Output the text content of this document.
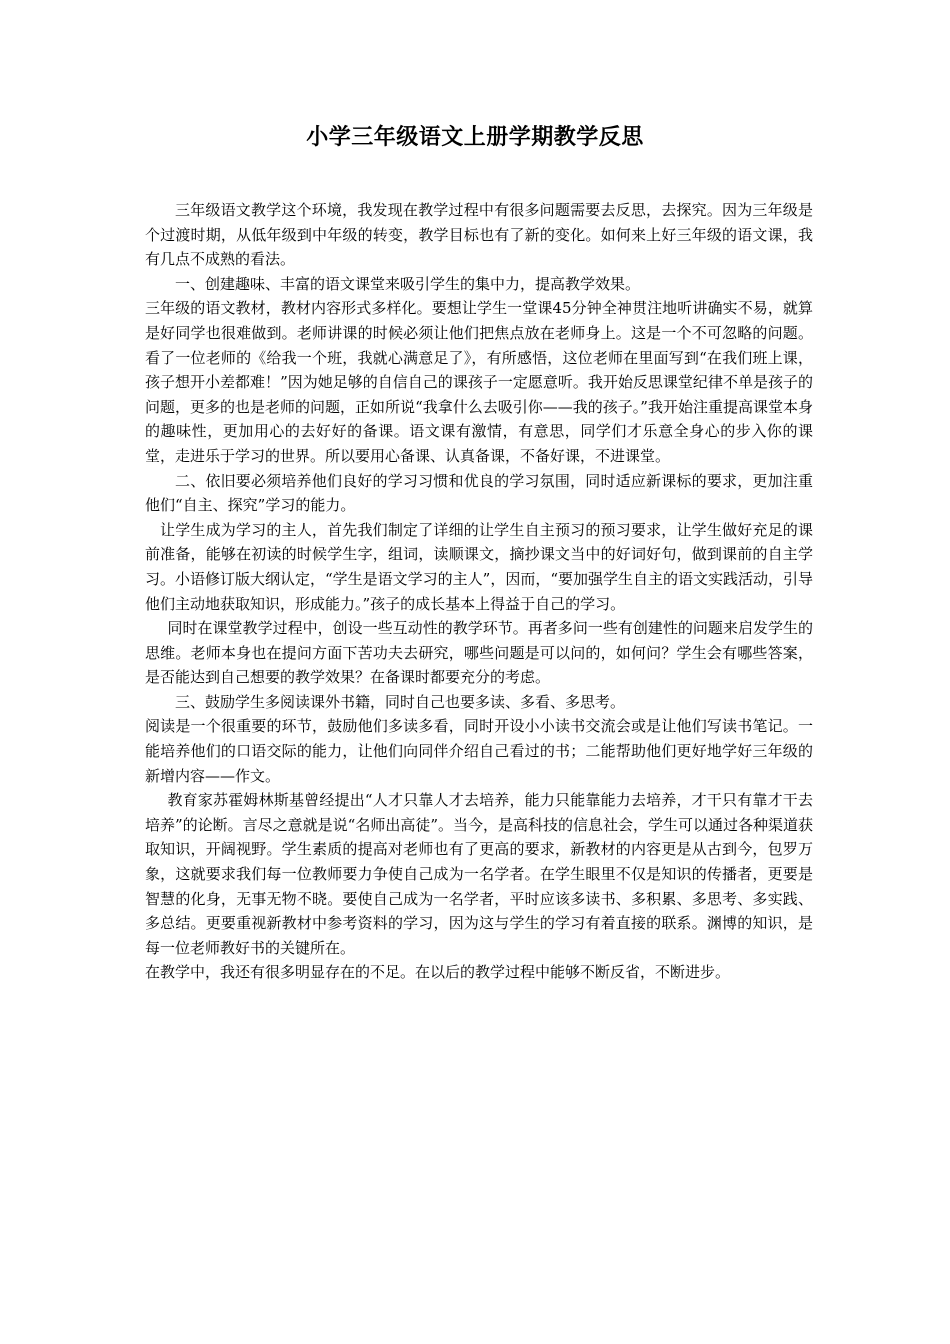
小学三年级语文上册学期教学反思

三年级语文教学这个环境，我发现在教学过程中有很多问题需要去反思，去探究。因为三年级是个过渡时期，从低年级到中年级的转变，教学目标也有了新的变化。如何来上好三年级的语文课，我有几点不成熟的看法。

一、创建趣味、丰富的语文课堂来吸引学生的集中力，提高教学效果。

三年级的语文教材，教材内容形式多样化。要想让学生一堂课45分钟全神贯注地听讲确实不易，就算是好同学也很难做到。老师讲课的时候必须让他们把焦点放在老师身上。这是一个不可忽略的问题。看了一位老师的《给我一个班，我就心满意足了》，有所感悟，这位老师在里面写到“在我们班上课，孩子想开小差都难！”因为她足够的自信自己的课孩子一定愿意听。我开始反思课堂纪律不单是孩子的问题，更多的也是老师的问题，正如所说“我拿什么去吸引你——我的孩子。”我开始注重提高课堂本身的趣味性，更加用心的去好好的备课。语文课有激情，有意思，同学们才乐意全身心的步入你的课堂，走进乐于学习的世界。所以要用心备课、认真备课，不备好课，不进课堂。

二、依旧要必须培养他们良好的学习习惯和优良的学习氛围，同时适应新课标的要求，更加注重他们“自主、探究”学习的能力。

让学生成为学习的主人，首先我们制定了详细的让学生自主预习的预习要求，让学生做好充足的课前准备，能够在初读的时候学生字，组词，读顺课文，摘抄课文当中的好词好句，做到课前的自主学习。小语修订版大纲认定，“学生是语文学习的主人”，因而，“要加强学生自主的语文实践活动，引导他们主动地获取知识，形成能力。”孩子的成长基本上得益于自己的学习。

同时在课堂教学过程中，创设一些互动性的教学环节。再者多问一些有创建性的问题来启发学生的思维。老师本身也在提问方面下苦功夫去研究，哪些问题是可以问的，如何问？学生会有哪些答案，是否能达到自己想要的教学效果？在备课时都要充分的考虑。

三、鼓励学生多阅读课外书籍，同时自己也要多读、多看、多思考。

阅读是一个很重要的环节，鼓励他们多读多看，同时开设小小读书交流会或是让他们写读书笔记。一能培养他们的口语交际的能力，让他们向同伴介绍自己看过的书；二能帮助他们更好地学好三年级的新增内容——作文。

教育家苏霍姆林斯基曾经提出“人才只靠人才去培养，能力只能靠能力去培养，才干只有靠才干去培养”的论断。言尽之意就是说“名师出高徒”。当今，是高科技的信息社会，学生可以通过各种渠道获取知识，开阔视野。学生素质的提高对老师也有了更高的要求，新教材的内容更是从古到今，包罗万象，这就要求我们每一位教师要力争使自己成为一名学者。在学生眼里不仅是知识的传播者，更要是智慧的化身，无事无物不晓。要使自己成为一名学者，平时应该多读书、多积累、多思考、多实践、多总结。更要重视新教材中参考资料的学习，因为这与学生的学习有着直接的联系。渊博的知识，是每一位老师教好书的关键所在。

在教学中，我还有很多明显存在的不足。在以后的教学过程中能够不断反省，不断进步。
